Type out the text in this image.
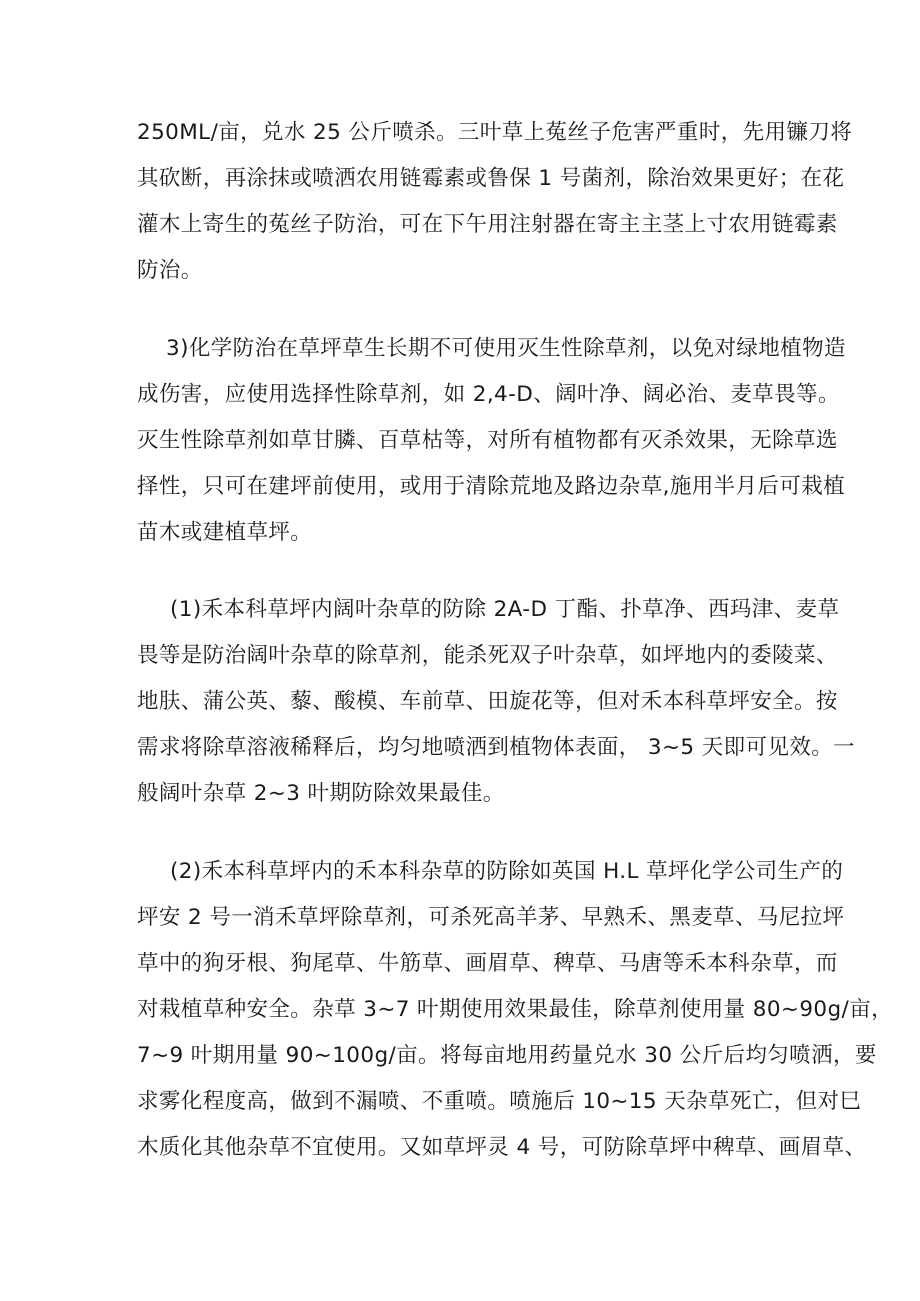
250ML/亩，兑水 25 公斤喷杀。三叶草上菟丝子危害严重时，先用镰刀将
其砍断，再涂抹或喷洒农用链霉素或鲁保 1 号菌剂，除治效果更好；在花
灌木上寄生的菟丝子防治，可在下午用注射器在寄主主茎上寸农用链霉素
防治。
3)化学防治在草坪草生长期不可使用灭生性除草剂，以免对绿地植物造
成伤害，应使用选择性除草剂，如 2,4-D、阔叶净、阔必治、麦草畏等。
灭生性除草剂如草甘膦、百草枯等，对所有植物都有灭杀效果，无除草选
择性，只可在建坪前使用，或用于清除荒地及路边杂草,施用半月后可栽植
苗木或建植草坪。
(1)禾本科草坪内阔叶杂草的防除 2A-D 丁酯、扑草净、西玛津、麦草
畏等是防治阔叶杂草的除草剂，能杀死双子叶杂草，如坪地内的委陵菜、
地肤、蒲公英、藜、酸模、车前草、田旋花等，但对禾本科草坪安全。按
需求将除草溶液稀释后，均匀地喷洒到植物体表面， 3~5 天即可见效。一
般阔叶杂草 2~3 叶期防除效果最佳。
(2)禾本科草坪内的禾本科杂草的防除如英国 H.L 草坪化学公司生产的
坪安 2 号一消禾草坪除草剂，可杀死高羊茅、早熟禾、黑麦草、马尼拉坪
草中的狗牙根、狗尾草、牛筋草、画眉草、稗草、马唐等禾本科杂草，而
对栽植草种安全。杂草 3~7 叶期使用效果最佳，除草剂使用量 80~90g/亩，
7~9 叶期用量 90~100g/亩。将每亩地用药量兑水 30 公斤后均匀喷洒，要
求雾化程度高，做到不漏喷、不重喷。喷施后 10~15 天杂草死亡，但对巳
木质化其他杂草不宜使用。又如草坪灵 4 号，可防除草坪中稗草、画眉草、
